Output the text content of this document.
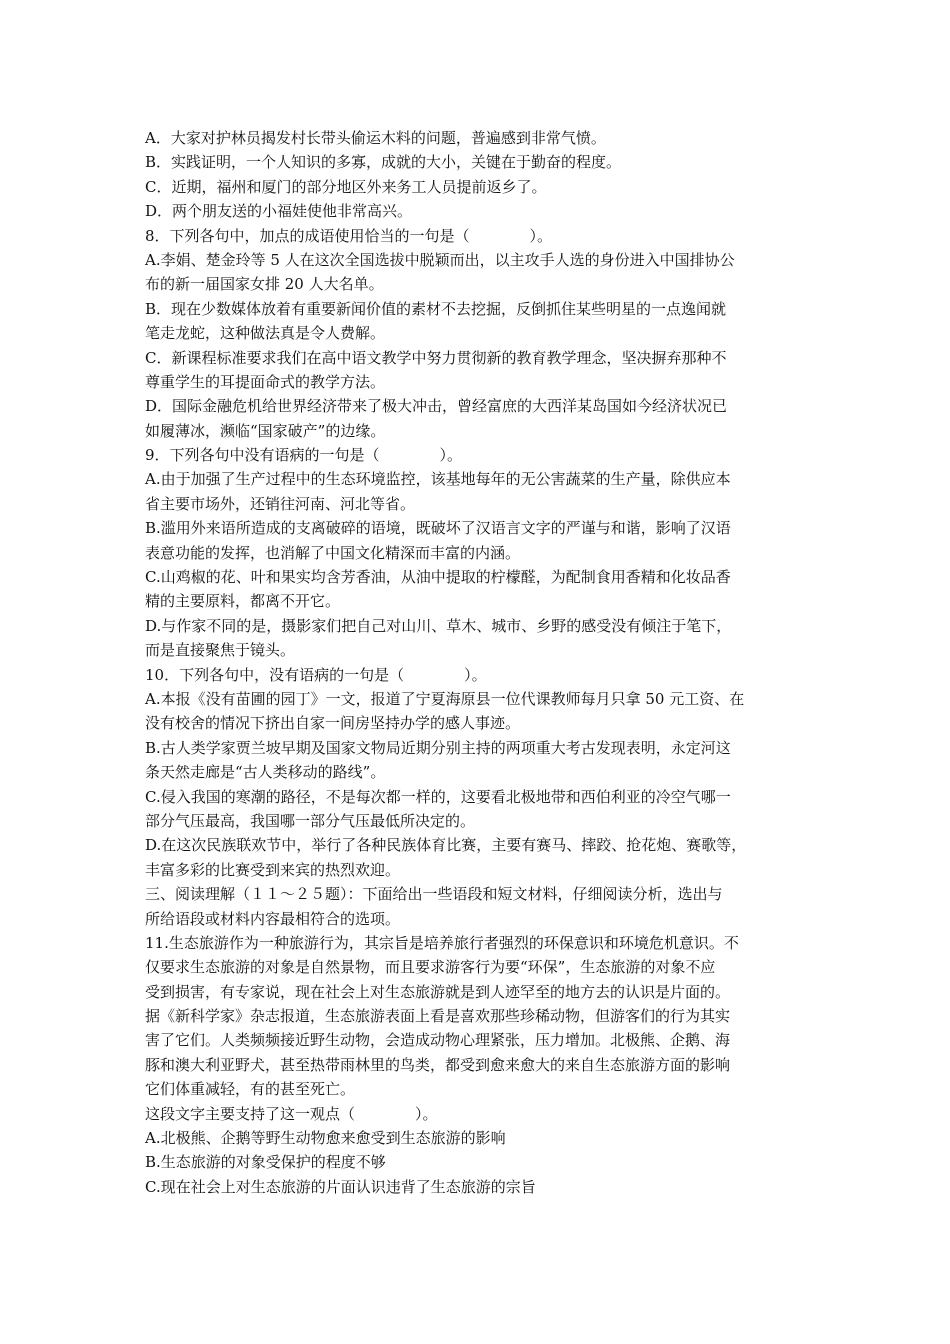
A．大家对护林员揭发村长带头偷运木料的问题，普遍感到非常气愤。
B．实践证明，一个人知识的多寡，成就的大小，关键在于勤奋的程度。
C．近期，福州和厦门的部分地区外来务工人员提前返乡了。
D．两个朋友送的小福娃使他非常高兴。
8．下列各句中，加点的成语使用恰当的一句是（　　　　）。
A.李娟、楚金玲等 5 人在这次全国选拔中脱颖而出，以主攻手人选的身份进入中国排协公
布的新一届国家女排 20 人大名单。
B．现在少数媒体放着有重要新闻价值的素材不去挖掘，反倒抓住某些明星的一点逸闻就
笔走龙蛇，这种做法真是令人费解。
C．新课程标准要求我们在高中语文教学中努力贯彻新的教育教学理念，坚决摒弃那种不
尊重学生的耳提面命式的教学方法。
D．国际金融危机给世界经济带来了极大冲击，曾经富庶的大西洋某岛国如今经济状况已
如履薄冰，濒临“国家破产”的边缘。
9．下列各句中没有语病的一句是（　　　　）。
A.由于加强了生产过程中的生态环境监控，该基地每年的无公害蔬菜的生产量，除供应本
省主要市场外，还销往河南、河北等省。
B.滥用外来语所造成的支离破碎的语境，既破坏了汉语言文字的严谨与和谐，影响了汉语
表意功能的发挥，也消解了中国文化精深而丰富的内涵。
C.山鸡椒的花、叶和果实均含芳香油，从油中提取的柠檬醛，为配制食用香精和化妆品香
精的主要原料，都离不开它。
D.与作家不同的是，摄影家们把自己对山川、草木、城市、乡野的感受没有倾注于笔下，
而是直接聚焦于镜头。
10．下列各句中，没有语病的一句是（　　　　）。
A.本报《没有苗圃的园丁》一文，报道了宁夏海原县一位代课教师每月只拿 50 元工资、在
没有校舍的情况下挤出自家一间房坚持办学的感人事迹。
B.古人类学家贾兰坡早期及国家文物局近期分别主持的两项重大考古发现表明，永定河这
条天然走廊是“古人类移动的路线”。
C.侵入我国的寒潮的路径，不是每次都一样的，这要看北极地带和西伯利亚的冷空气哪一
部分气压最高，我国哪一部分气压最低所决定的。
D.在这次民族联欢节中，举行了各种民族体育比赛，主要有赛马、摔跤、抢花炮、赛歌等，
丰富多彩的比赛受到来宾的热烈欢迎。
三、阅读理解（１１～２５题）：下面给出一些语段和短文材料，仔细阅读分析，选出与
所给语段或材料内容最相符合的选项。
11.生态旅游作为一种旅游行为，其宗旨是培养旅行者强烈的环保意识和环境危机意识。不
仅要求生态旅游的对象是自然景物，而且要求游客行为要“环保”，生态旅游的对象不应
受到损害，有专家说，现在社会上对生态旅游就是到人迹罕至的地方去的认识是片面的。
据《新科学家》杂志报道，生态旅游表面上看是喜欢那些珍稀动物，但游客们的行为其实
害了它们。人类频频接近野生动物，会造成动物心理紧张，压力增加。北极熊、企鹅、海
豚和澳大利亚野犬，甚至热带雨林里的鸟类，都受到愈来愈大的来自生态旅游方面的影响
它们体重减轻，有的甚至死亡。
这段文字主要支持了这一观点（　　　　）。
A.北极熊、企鹅等野生动物愈来愈受到生态旅游的影响
B.生态旅游的对象受保护的程度不够
C.现在社会上对生态旅游的片面认识违背了生态旅游的宗旨
